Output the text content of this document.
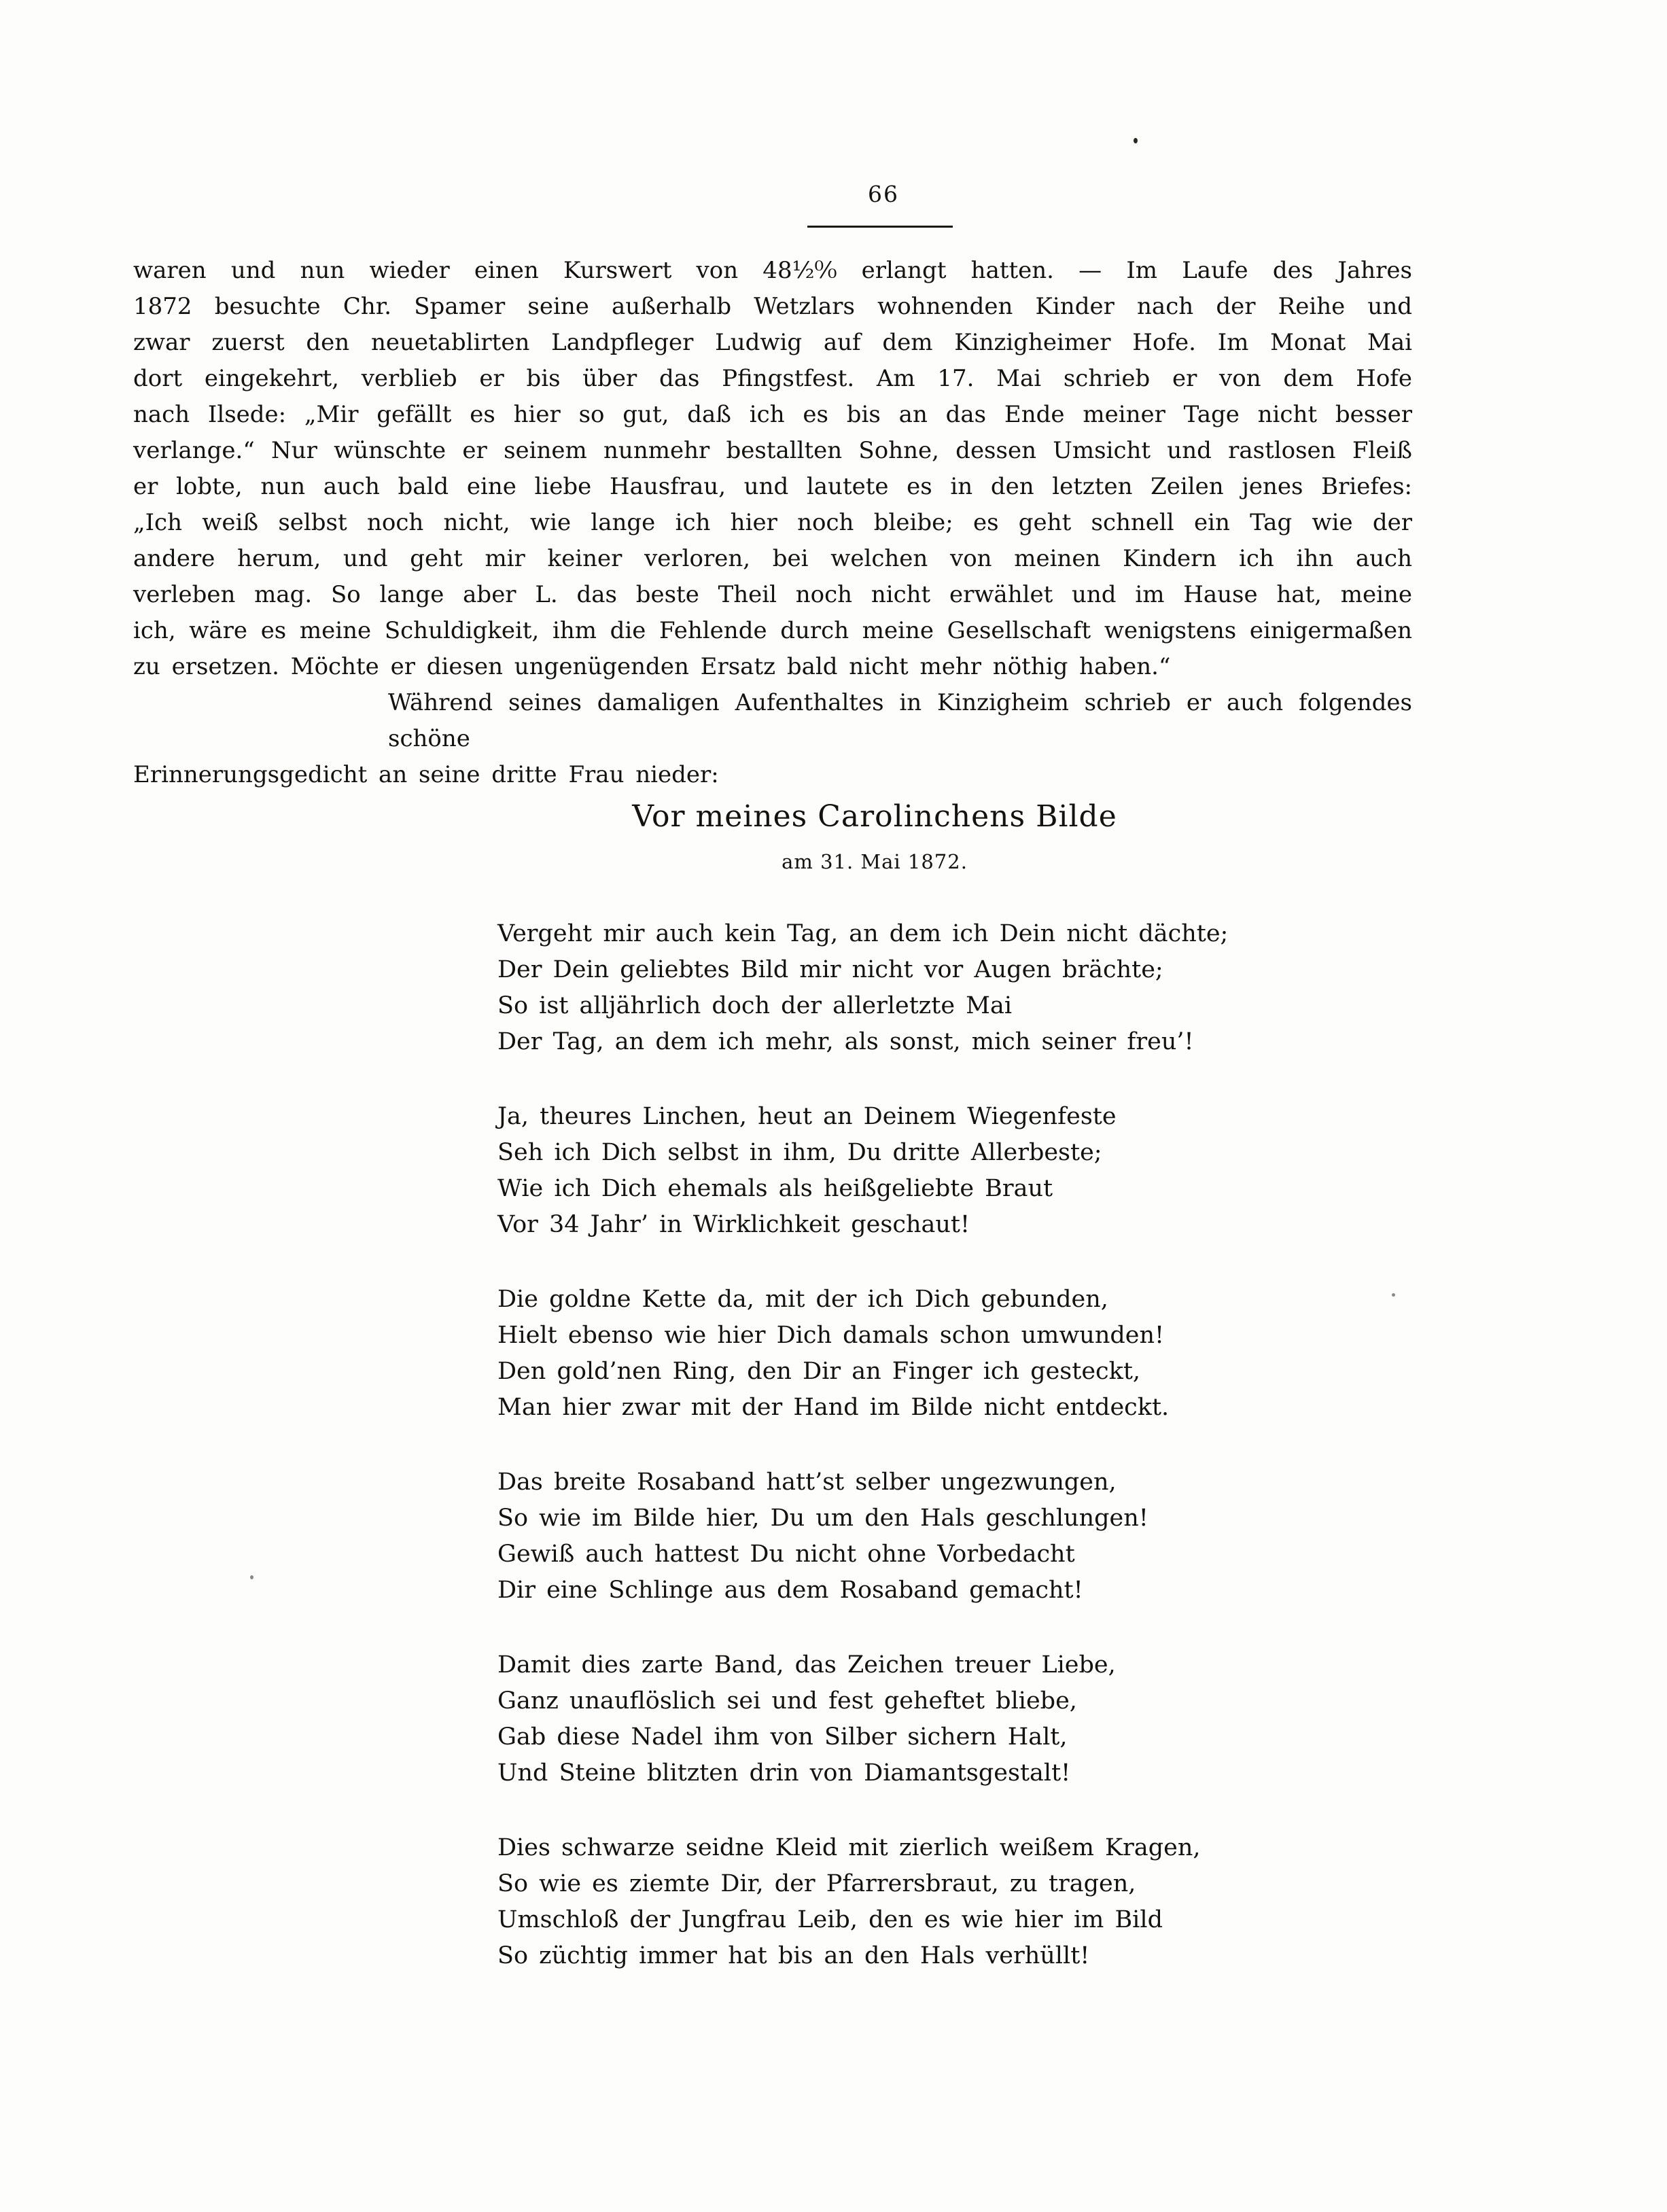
66
waren und nun wieder einen Kurswert von 48¹⁄₂⁰⁄₀ erlangt hatten. — Im Laufe des Jahres
1872 besuchte Chr. Spamer seine außerhalb Wetzlars wohnenden Kinder nach der Reihe und
zwar zuerst den neuetablirten Landpfleger Ludwig auf dem Kinzigheimer Hofe. Im Monat Mai
dort eingekehrt, verblieb er bis über das Pfingstfest. Am 17. Mai schrieb er von dem Hofe
nach Ilsede: „Mir gefällt es hier so gut, daß ich es bis an das Ende meiner Tage nicht besser
verlange.“ Nur wünschte er seinem nunmehr bestallten Sohne, dessen Umsicht und rastlosen Fleiß
er lobte, nun auch bald eine liebe Hausfrau, und lautete es in den letzten Zeilen jenes Briefes:
„Ich weiß selbst noch nicht, wie lange ich hier noch bleibe; es geht schnell ein Tag wie der
andere herum, und geht mir keiner verloren, bei welchen von meinen Kindern ich ihn auch
verleben mag. So lange aber L. das beste Theil noch nicht erwählet und im Hause hat, meine
ich, wäre es meine Schuldigkeit, ihm die Fehlende durch meine Gesellschaft wenigstens einigermaßen
zu ersetzen. Möchte er diesen ungenügenden Ersatz bald nicht mehr nöthig haben.“
Während seines damaligen Aufenthaltes in Kinzigheim schrieb er auch folgendes schöne
Erinnerungsgedicht an seine dritte Frau nieder:
Vor meines Carolinchens Bilde
am 31. Mai 1872.
Vergeht mir auch kein Tag, an dem ich Dein nicht dächte;
Der Dein geliebtes Bild mir nicht vor Augen brächte;
So ist alljährlich doch der allerletzte Mai
Der Tag, an dem ich mehr, als sonst, mich seiner freu’!
Ja, theures Linchen, heut an Deinem Wiegenfeste
Seh ich Dich selbst in ihm, Du dritte Allerbeste;
Wie ich Dich ehemals als heißgeliebte Braut
Vor 34 Jahr’ in Wirklichkeit geschaut!
Die goldne Kette da, mit der ich Dich gebunden,
Hielt ebenso wie hier Dich damals schon umwunden!
Den gold’nen Ring, den Dir an Finger ich gesteckt,
Man hier zwar mit der Hand im Bilde nicht entdeckt.
Das breite Rosaband hatt’st selber ungezwungen,
So wie im Bilde hier, Du um den Hals geschlungen!
Gewiß auch hattest Du nicht ohne Vorbedacht
Dir eine Schlinge aus dem Rosaband gemacht!
Damit dies zarte Band, das Zeichen treuer Liebe,
Ganz unauflöslich sei und fest geheftet bliebe,
Gab diese Nadel ihm von Silber sichern Halt,
Und Steine blitzten drin von Diamantsgestalt!
Dies schwarze seidne Kleid mit zierlich weißem Kragen,
So wie es ziemte Dir, der Pfarrersbraut, zu tragen,
Umschloß der Jungfrau Leib, den es wie hier im Bild
So züchtig immer hat bis an den Hals verhüllt!
